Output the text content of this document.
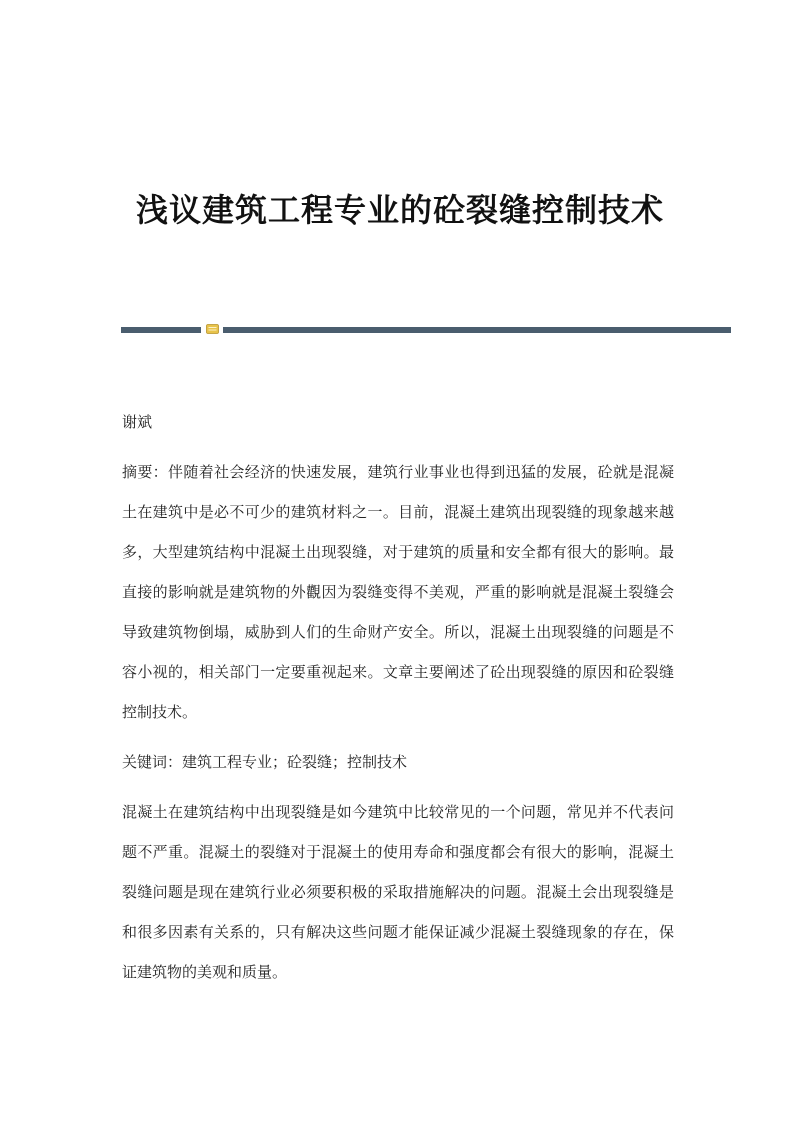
浅议建筑工程专业的砼裂缝控制技术

谢斌

摘要：伴随着社会经济的快速发展，建筑行业事业也得到迅猛的发展，砼就是混凝土在建筑中是必不可少的建筑材料之一。目前，混凝土建筑出现裂缝的现象越来越多，大型建筑结构中混凝土出现裂缝，对于建筑的质量和安全都有很大的影响。最直接的影响就是建筑物的外觀因为裂缝变得不美观，严重的影响就是混凝土裂缝会导致建筑物倒塌，威胁到人们的生命财产安全。所以，混凝土出现裂缝的问题是不容小视的，相关部门一定要重视起来。文章主要阐述了砼出现裂缝的原因和砼裂缝控制技术。

关键词：建筑工程专业；砼裂缝；控制技术

混凝土在建筑结构中出现裂缝是如今建筑中比较常见的一个问题，常见并不代表问题不严重。混凝土的裂缝对于混凝土的使用寿命和强度都会有很大的影响，混凝土裂缝问题是现在建筑行业必须要积极的采取措施解决的问题。混凝土会出现裂缝是和很多因素有关系的，只有解决这些问题才能保证减少混凝土裂缝现象的存在，保证建筑物的美观和质量。
